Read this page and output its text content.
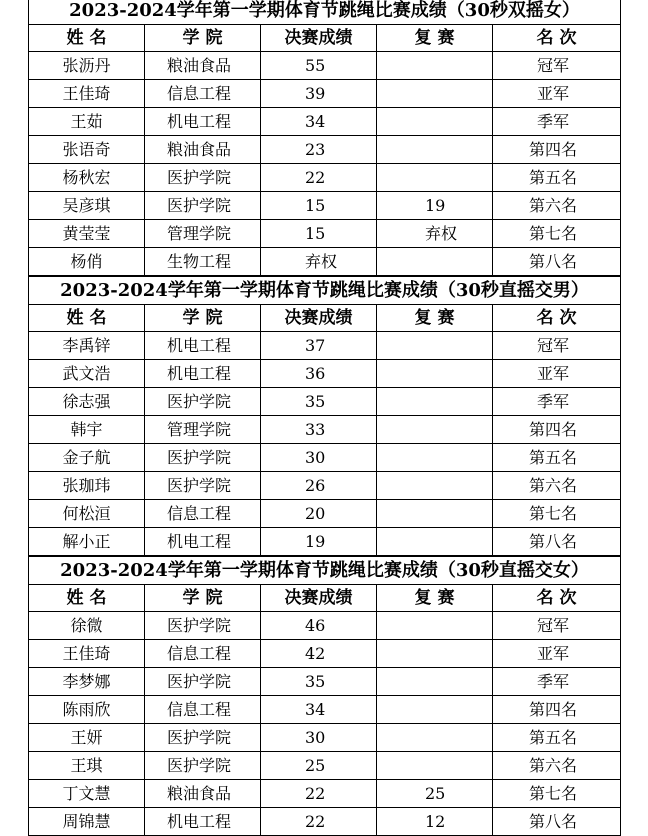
2023-2024学年第一学期体育节跳绳比赛成绩（30秒双摇女）				
姓 名	学 院	决赛成绩	复 赛	名 次
张沥丹	粮油食品	55		冠军
王佳琦	信息工程	39		亚军
王茹	机电工程	34		季军
张语奇	粮油食品	23		第四名
杨秋宏	医护学院	22		第五名
吴彦琪	医护学院	15	19	第六名
黄莹莹	管理学院	15	弃权	第七名
杨俏	生物工程	弃权		第八名
2023-2024学年第一学期体育节跳绳比赛成绩（30秒直摇交男）				
姓 名	学 院	决赛成绩	复 赛	名 次
李禹锌	机电工程	37		冠军
武文浩	机电工程	36		亚军
徐志强	医护学院	35		季军
韩宇	管理学院	33		第四名
金子航	医护学院	30		第五名
张珈玮	医护学院	26		第六名
何松洹	信息工程	20		第七名
解小正	机电工程	19		第八名
2023-2024学年第一学期体育节跳绳比赛成绩（30秒直摇交女）				
姓 名	学 院	决赛成绩	复 赛	名 次
徐微	医护学院	46		冠军
王佳琦	信息工程	42		亚军
李梦娜	医护学院	35		季军
陈雨欣	信息工程	34		第四名
王妍	医护学院	30		第五名
王琪	医护学院	25		第六名
丁文慧	粮油食品	22	25	第七名
周锦慧	机电工程	22	12	第八名
